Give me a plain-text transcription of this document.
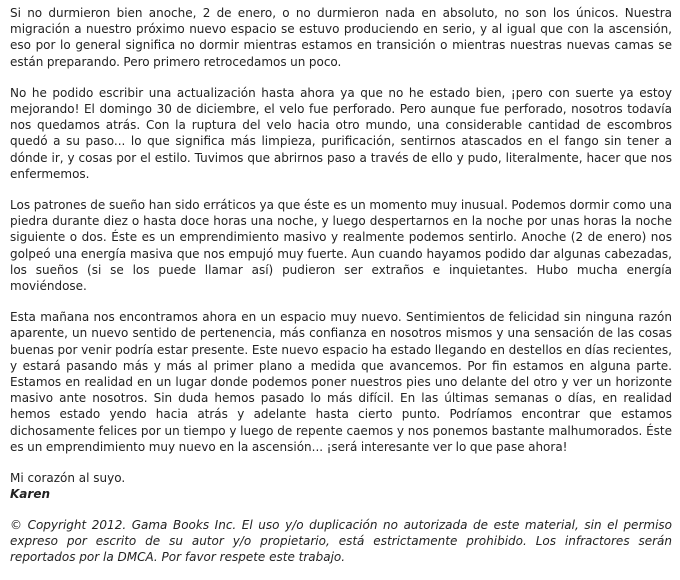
Si no durmieron bien anoche, 2 de enero, o no durmieron nada en absoluto, no son los únicos. Nuestra migración a nuestro próximo nuevo espacio se estuvo produciendo en serio, y al igual que con la ascensión, eso por lo general significa no dormir mientras estamos en transición o mientras nuestras nuevas camas se están preparando. Pero primero retrocedamos un poco.

No he podido escribir una actualización hasta ahora ya que no he estado bien, ¡pero con suerte ya estoy mejorando! El domingo 30 de diciembre, el velo fue perforado. Pero aunque fue perforado, nosotros todavía nos quedamos atrás. Con la ruptura del velo hacia otro mundo, una considerable cantidad de escombros quedó a su paso... lo que significa más limpieza, purificación, sentirnos atascados en el fango sin tener a dónde ir, y cosas por el estilo. Tuvimos que abrirnos paso a través de ello y pudo, literalmente, hacer que nos enfermemos.

Los patrones de sueño han sido erráticos ya que éste es un momento muy inusual. Podemos dormir como una piedra durante diez o hasta doce horas una noche, y luego despertarnos en la noche por unas horas la noche siguiente o dos. Éste es un emprendimiento masivo y realmente podemos sentirlo. Anoche (2 de enero) nos golpeó una energía masiva que nos empujó muy fuerte. Aun cuando hayamos podido dar algunas cabezadas, los sueños (si se los puede llamar así) pudieron ser extraños e inquietantes. Hubo mucha energía moviéndose.

Esta mañana nos encontramos ahora en un espacio muy nuevo. Sentimientos de felicidad sin ninguna razón aparente, un nuevo sentido de pertenencia, más confianza en nosotros mismos y una sensación de las cosas buenas por venir podría estar presente. Este nuevo espacio ha estado llegando en destellos en días recientes, y estará pasando más y más al primer plano a medida que avancemos. Por fin estamos en alguna parte. Estamos en realidad en un lugar donde podemos poner nuestros pies uno delante del otro y ver un horizonte masivo ante nosotros. Sin duda hemos pasado lo más difícil. En las últimas semanas o días, en realidad hemos estado yendo hacia atrás y adelante hasta cierto punto. Podríamos encontrar que estamos dichosamente felices por un tiempo y luego de repente caemos y nos ponemos bastante malhumorados. Éste es un emprendimiento muy nuevo en la ascensión... ¡será interesante ver lo que pase ahora!

Mi corazón al suyo.
Karen

© Copyright 2012. Gama Books Inc. El uso y/o duplicación no autorizada de este material, sin el permiso expreso por escrito de su autor y/o propietario, está estrictamente prohibido. Los infractores serán reportados por la DMCA. Por favor respete este trabajo.
